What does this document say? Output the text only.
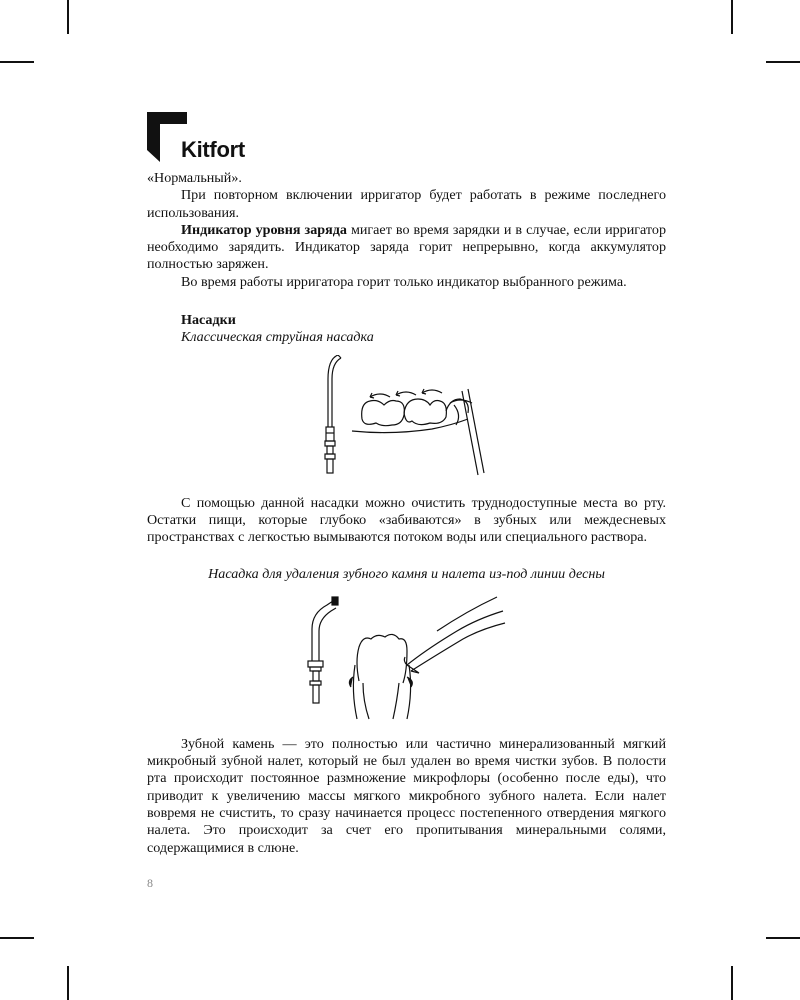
Kitfort

«Нормальный».

При повторном включении ирригатор будет работать в режиме последнего использования.

Индикатор уровня заряда мигает во время зарядки и в случае, если ирригатор необходимо зарядить. Индикатор заряда горит непрерывно, когда аккумулятор полностью заряжен.

Во время работы ирригатора горит только индикатор выбранного режима.

Насадки
Классическая струйная насадка

С помощью данной насадки можно очистить труднодоступные места во рту. Остатки пищи, которые глубоко «забиваются» в зубных или междесневых пространствах с легкостью вымываются потоком воды или специального раствора.

Насадка для удаления зубного камня и налета из-под линии десны

Зубной камень — это полностью или частично минерализованный мягкий микробный зубной налет, который не был удален во время чистки зубов. В полости рта происходит постоянное размножение микрофлоры (особенно после еды), что приводит к увеличению массы мягкого микробного зубного налета. Если налет вовремя не счистить, то сразу начинается процесс постепенного отвердения мягкого налета. Это происходит за счет его пропитывания минеральными солями, содержащимися в слюне.

8
